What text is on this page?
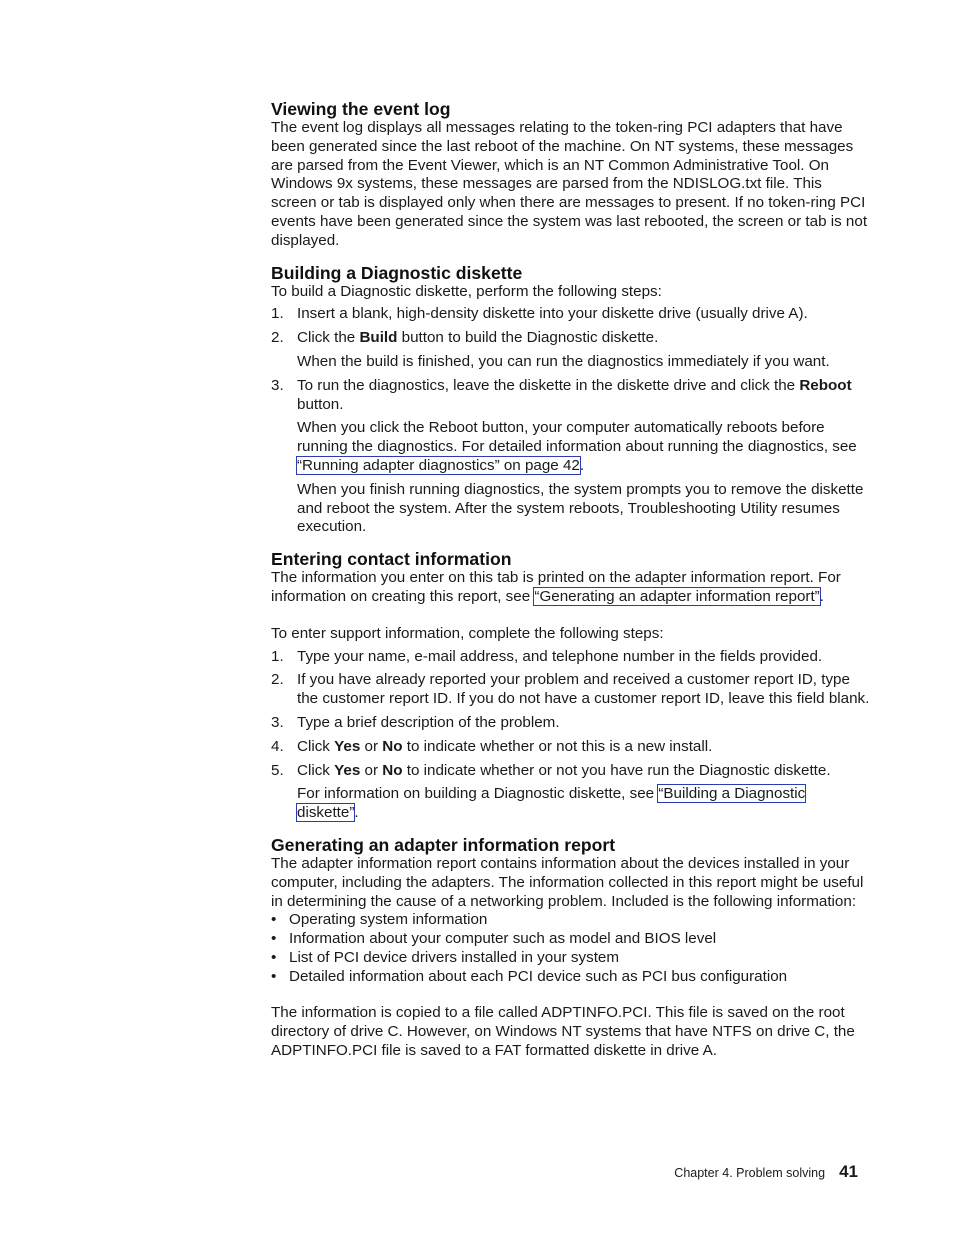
Viewing the event log

The event log displays all messages relating to the token-ring PCI adapters that have been generated since the last reboot of the machine. On NT systems, these messages are parsed from the Event Viewer, which is an NT Common Administrative Tool. On Windows 9x systems, these messages are parsed from the NDISLOG.txt file. This screen or tab is displayed only when there are messages to present. If no token-ring PCI events have been generated since the system was last rebooted, the screen or tab is not displayed.

Building a Diagnostic diskette

To build a Diagnostic diskette, perform the following steps:

1. Insert a blank, high-density diskette into your diskette drive (usually drive A).
2. Click the Build button to build the Diagnostic diskette.

When the build is finished, you can run the diagnostics immediately if you want.

3. To run the diagnostics, leave the diskette in the diskette drive and click the Reboot button.

When you click the Reboot button, your computer automatically reboots before running the diagnostics. For detailed information about running the diagnostics, see “Running adapter diagnostics” on page 42.

When you finish running diagnostics, the system prompts you to remove the diskette and reboot the system. After the system reboots, Troubleshooting Utility resumes execution.

Entering contact information

The information you enter on this tab is printed on the adapter information report. For information on creating this report, see “Generating an adapter information report”.

To enter support information, complete the following steps:

1. Type your name, e-mail address, and telephone number in the fields provided.
2. If you have already reported your problem and received a customer report ID, type the customer report ID. If you do not have a customer report ID, leave this field blank.
3. Type a brief description of the problem.
4. Click Yes or No to indicate whether or not this is a new install.
5. Click Yes or No to indicate whether or not you have run the Diagnostic diskette.

For information on building a Diagnostic diskette, see “Building a Diagnostic diskette”.

Generating an adapter information report

The adapter information report contains information about the devices installed in your computer, including the adapters. The information collected in this report might be useful in determining the cause of a networking problem. Included is the following information:

• Operating system information
• Information about your computer such as model and BIOS level
• List of PCI device drivers installed in your system
• Detailed information about each PCI device such as PCI bus configuration

The information is copied to a file called ADPTINFO.PCI. This file is saved on the root directory of drive C. However, on Windows NT systems that have NTFS on drive C, the ADPTINFO.PCI file is saved to a FAT formatted diskette in drive A.

Chapter 4. Problem solving 41
